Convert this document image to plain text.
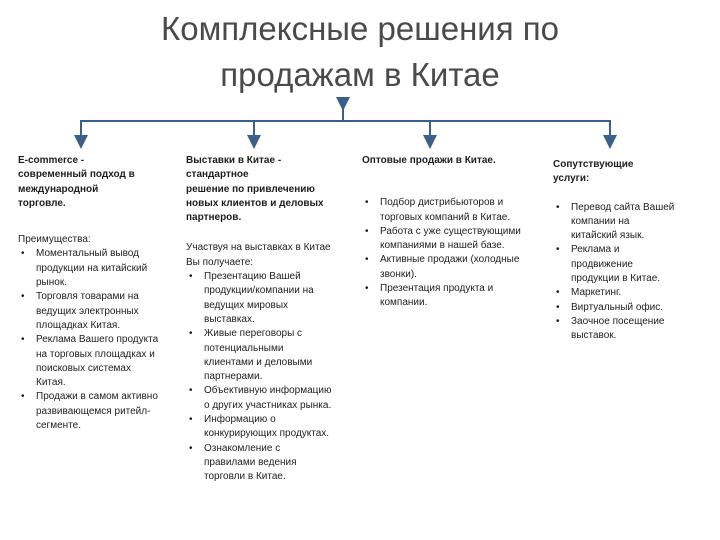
Комплексные решения по
продажам в Китае
E-commerce -
современный подход в
международной
торговле.
Преимущества:
• Моментальный вывод продукции на китайский рынок.
• Торговля товарами на ведущих электронных площадках Китая.
• Реклама Вашего продукта на торговых площадках и поисковых системах Китая.
• Продажи в самом активно развивающемся ритейл- сегменте.
Выставки в Китае -
стандартное
решение по привлечению
новых клиентов и деловых
партнеров.
Участвуя на выставках в Китае Вы получаете:
• Презентацию Вашей продукции/компании на ведущих мировых выставках.
• Живые переговоры с потенциальными клиентами и деловыми партнерами.
• Объективную информацию о других участниках рынка.
• Информацию о конкурирующих продуктах.
• Ознакомление с правилами ведения торговли в Китае.
Оптовые продажи в Китае.
• Подбор дистрибьюторов и торговых компаний в Китае.
• Работа с уже существующими компаниями в нашей базе.
• Активные продажи (холодные звонки).
• Презентация продукта и компании.
Сопутствующие
услуги:
• Перевод сайта Вашей компании на китайский язык.
• Реклама и продвижение продукции в Китае.
• Маркетинг.
• Виртуальный офис.
• Заочное посещение выставок.
